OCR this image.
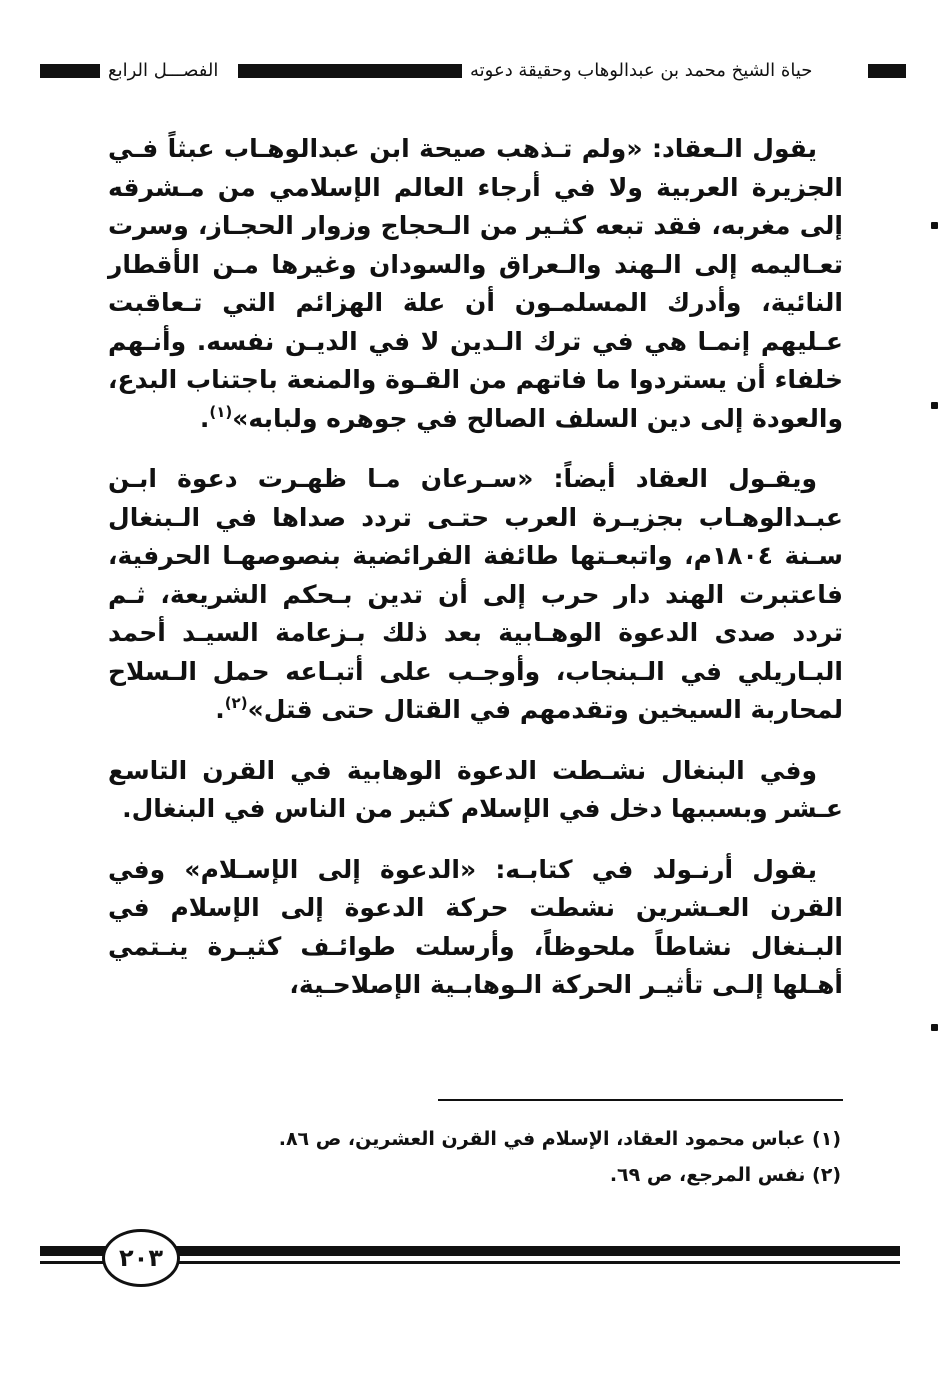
الفصـــل الرابع	حياة الشيخ محمد بن عبدالوهاب وحقيقة دعوته

يقول الـعقاد: «ولم تـذهب صيحة ابن عبدالوهـاب عبثاً فـي الجزيرة العربية ولا في أرجاء العالم الإسلامي من مـشرقه إلى مغربه، فقد تبعه كثـير من الـحجاج وزوار الحجـاز، وسرت تعـاليمه إلى الـهند والـعراق والسودان وغيرها مـن الأقطار النائية، وأدرك المسلمـون أن علة الهزائم التي تـعاقبت عـليهم إنمـا هي في ترك الـدين لا في الديـن نفسه. وأنـهم خلفاء أن يستردوا ما فاتهم من القـوة والمنعة باجتناب البدع، والعودة إلى دين السلف الصالح في جوهره ولبابه»$^{(١)}$.

ويقـول العقاد أيضاً: «سـرعان مـا ظهـرت دعوة ابـن عبـدالوهـاب بجزيـرة العرب حتـى تردد صداها في الـبنغال سـنة ١٨٠٤م، واتبعـتها طائفة الفرائضية بنصوصهـا الحرفية، فاعتبرت الهند دار حرب إلى أن تدين بـحكم الشريعة، ثـم تردد صدى الدعوة الوهـابية بعد ذلك بـزعامة السيـد أحمد البـاريلي في الـبنجاب، وأوجـب على أتبـاعه حمل الـسلاح لمحاربة السيخين وتقدمهم في القتال حتى قتل»$^{(٢)}$.

وفي البنغال نشـطت الدعوة الوهابية في القرن التاسع عـشر وبسببها دخل في الإسلام كثير من الناس في البنغال.

يقول أرنـولد في كتابـه: «الدعوة إلى الإسـلام» وفي القرن العـشرين نشطت حركة الدعوة إلى الإسلام في البـنغال نشاطاً ملحوظاً، وأرسلت طوائـف كثيـرة ينـتمي أهـلها إلـى تأثيـر الحركة الـوهابـية الإصلاحـية،

(١) عباس محمود العقاد، الإسلام في القرن العشرين، ص ٨٦.

(٢) نفس المرجع، ص ٦٩.

٢٠٣
